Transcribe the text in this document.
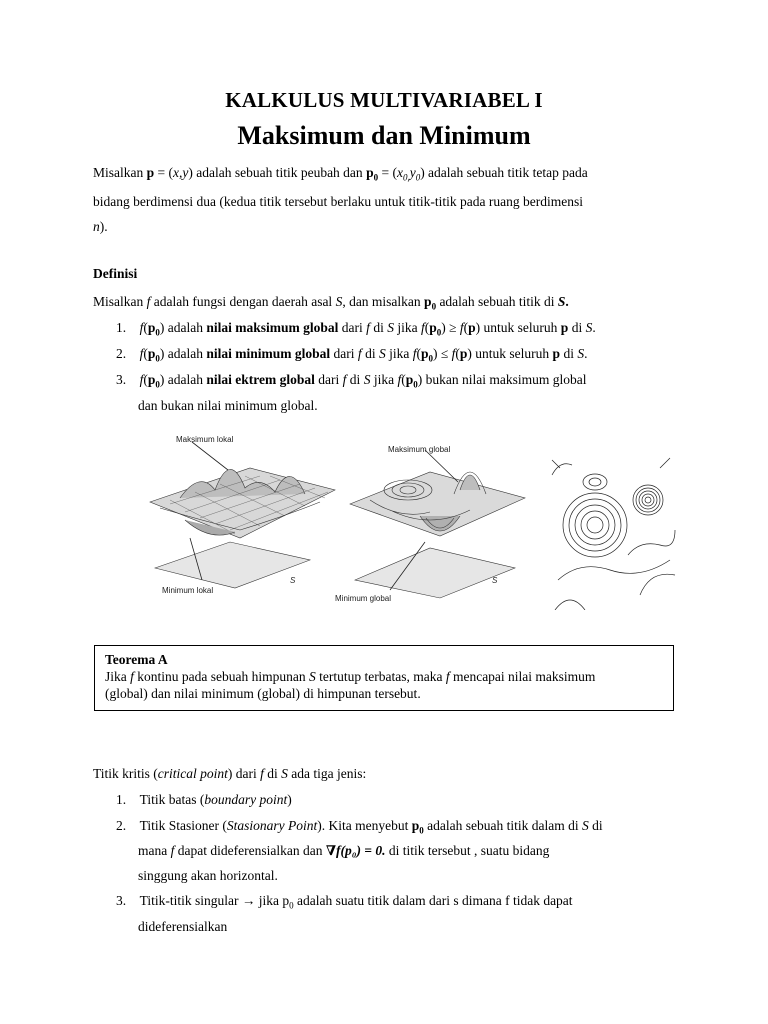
KALKULUS MULTIVARIABEL I
Maksimum dan Minimum
Misalkan p = (x,y) adalah sebuah titik peubah dan $p_0 = (x_{0,}y_0)$ adalah sebuah titik tetap pada
bidang berdimensi dua (kedua titik tersebut berlaku untuk titik-titik pada ruang berdimensi
n).
Definisi
Misalkan f adalah fungsi dengan daerah asal S, dan misalkan $p_0$ adalah sebuah titik di S.
1. $f(p_0)$ adalah nilai maksimum global dari f di S jika $f(p_0) \ge f(p)$ untuk seluruh p di S.
2. $f(p_0)$ adalah nilai minimum global dari f di S jika $f(p_0) \le f(p)$ untuk seluruh p di S.
3. $f(p_0)$ adalah nilai ektrem global dari f di S jika $f(p_0)$ bukan nilai maksimum global
dan bukan nilai minimum global.
Maksimum lokal
Minimum lokal
Maksimum global
Minimum global
S	S
Teorema A
Jika f kontinu pada sebuah himpunan S tertutup terbatas, maka f mencapai nilai maksimum
(global) dan nilai minimum (global) di himpunan tersebut.
Titik kritis (critical point) dari f di S ada tiga jenis:
1. Titik batas (boundary point)
2. Titik Stasioner (Stasionary Point). Kita menyebut $p_0$ adalah sebuah titik dalam di S di
mana f dapat dideferensialkan dan ∇f(p₀) = 0. di titik tersebut , suatu bidang
singgung akan horizontal.
3. Titik-titik singular → jika $p_0$ adalah suatu titik dalam dari s dimana f tidak dapat
dideferensialkan
